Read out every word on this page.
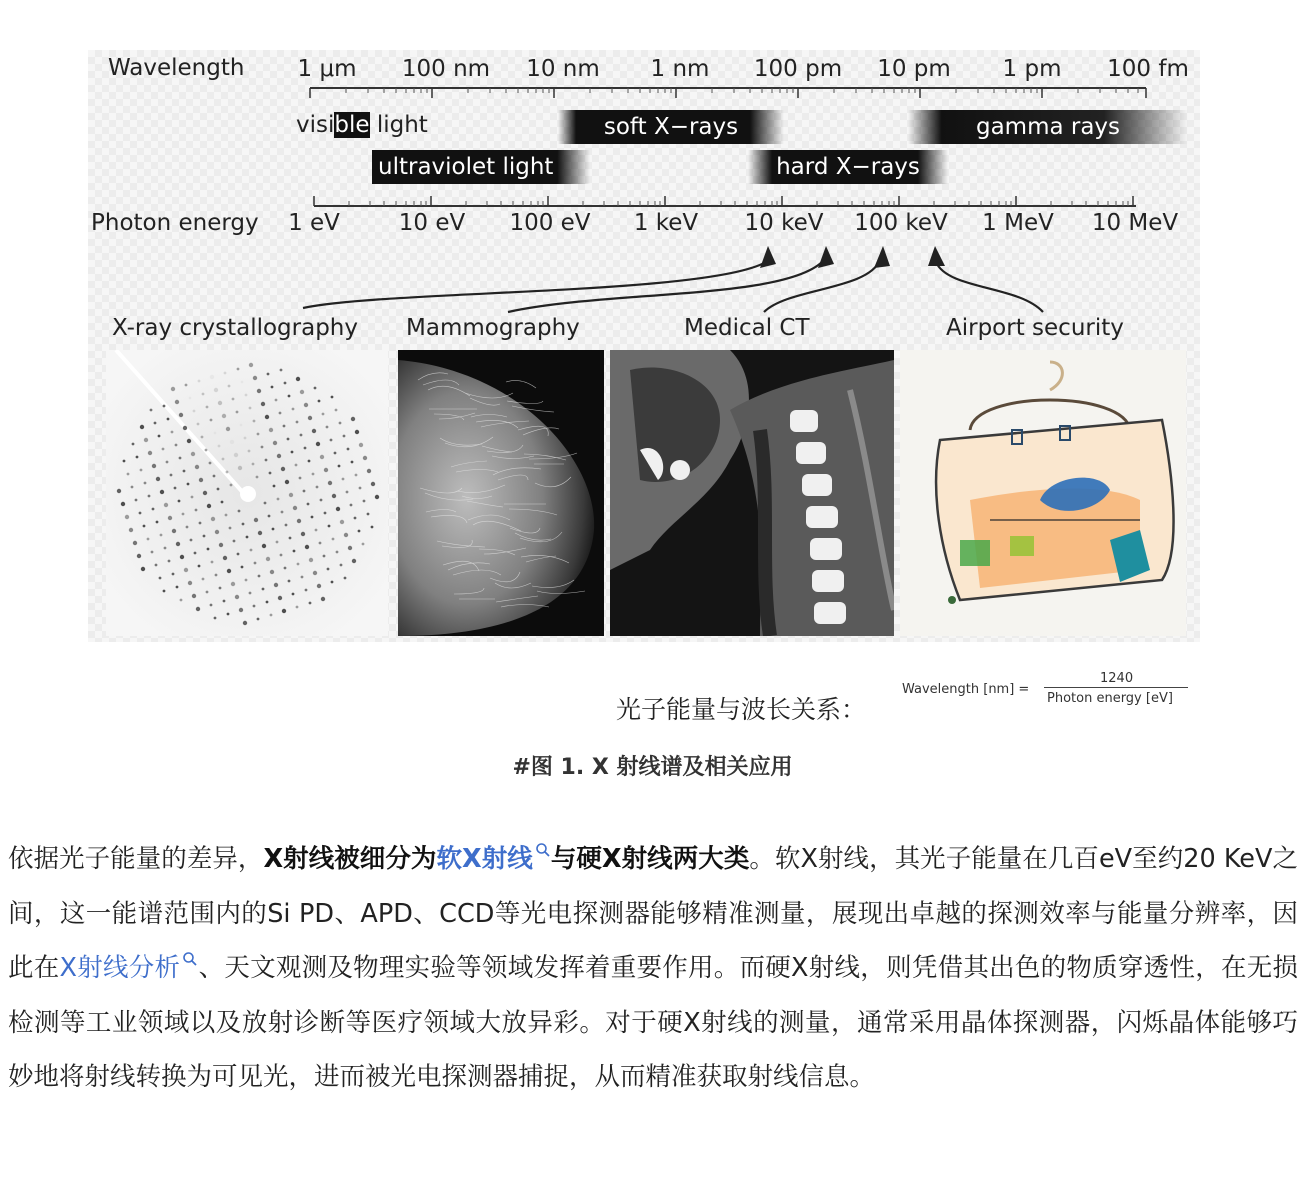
Wavelength 1 μm 100 nm 10 nm 1 nm 100 pm 10 pm 1 pm 100 fm
visible light
ultraviolet light
soft X−rays
hard X−rays
gamma rays
Photon energy 1 eV	10 eV 100 eV 1 keV 10 keV 100 keV 1 MeV 10 MeV
X-ray crystallography Mammography	Medical CT	Airport security
光子能量与波长关系：
Wavelength [nm] =
1240
Photon energy [eV]
#图 1. X 射线谱及相关应用
依据光子能量的差异，X射线被细分为软X射线 与硬X射线两大类。软X射线，其光子能量在几百eV至约20 KeV之间，这一能谱范围内的Si PD、APD、CCD等光电探测器能够精准测量，展现出卓越的探测效率与能量分辨率，因此在X射线分析 、天文观测及物理实验等领域发挥着重要作用。而硬X射线，则凭借其出色的物质穿透性，在无损检测等工业领域以及放射诊断等医疗领域大放异彩。对于硬X射线的测量，通常采用晶体探测器，闪烁晶体能够巧妙地将射线转换为可见光，进而被光电探测器捕捉，从而精准获取射线信息。
